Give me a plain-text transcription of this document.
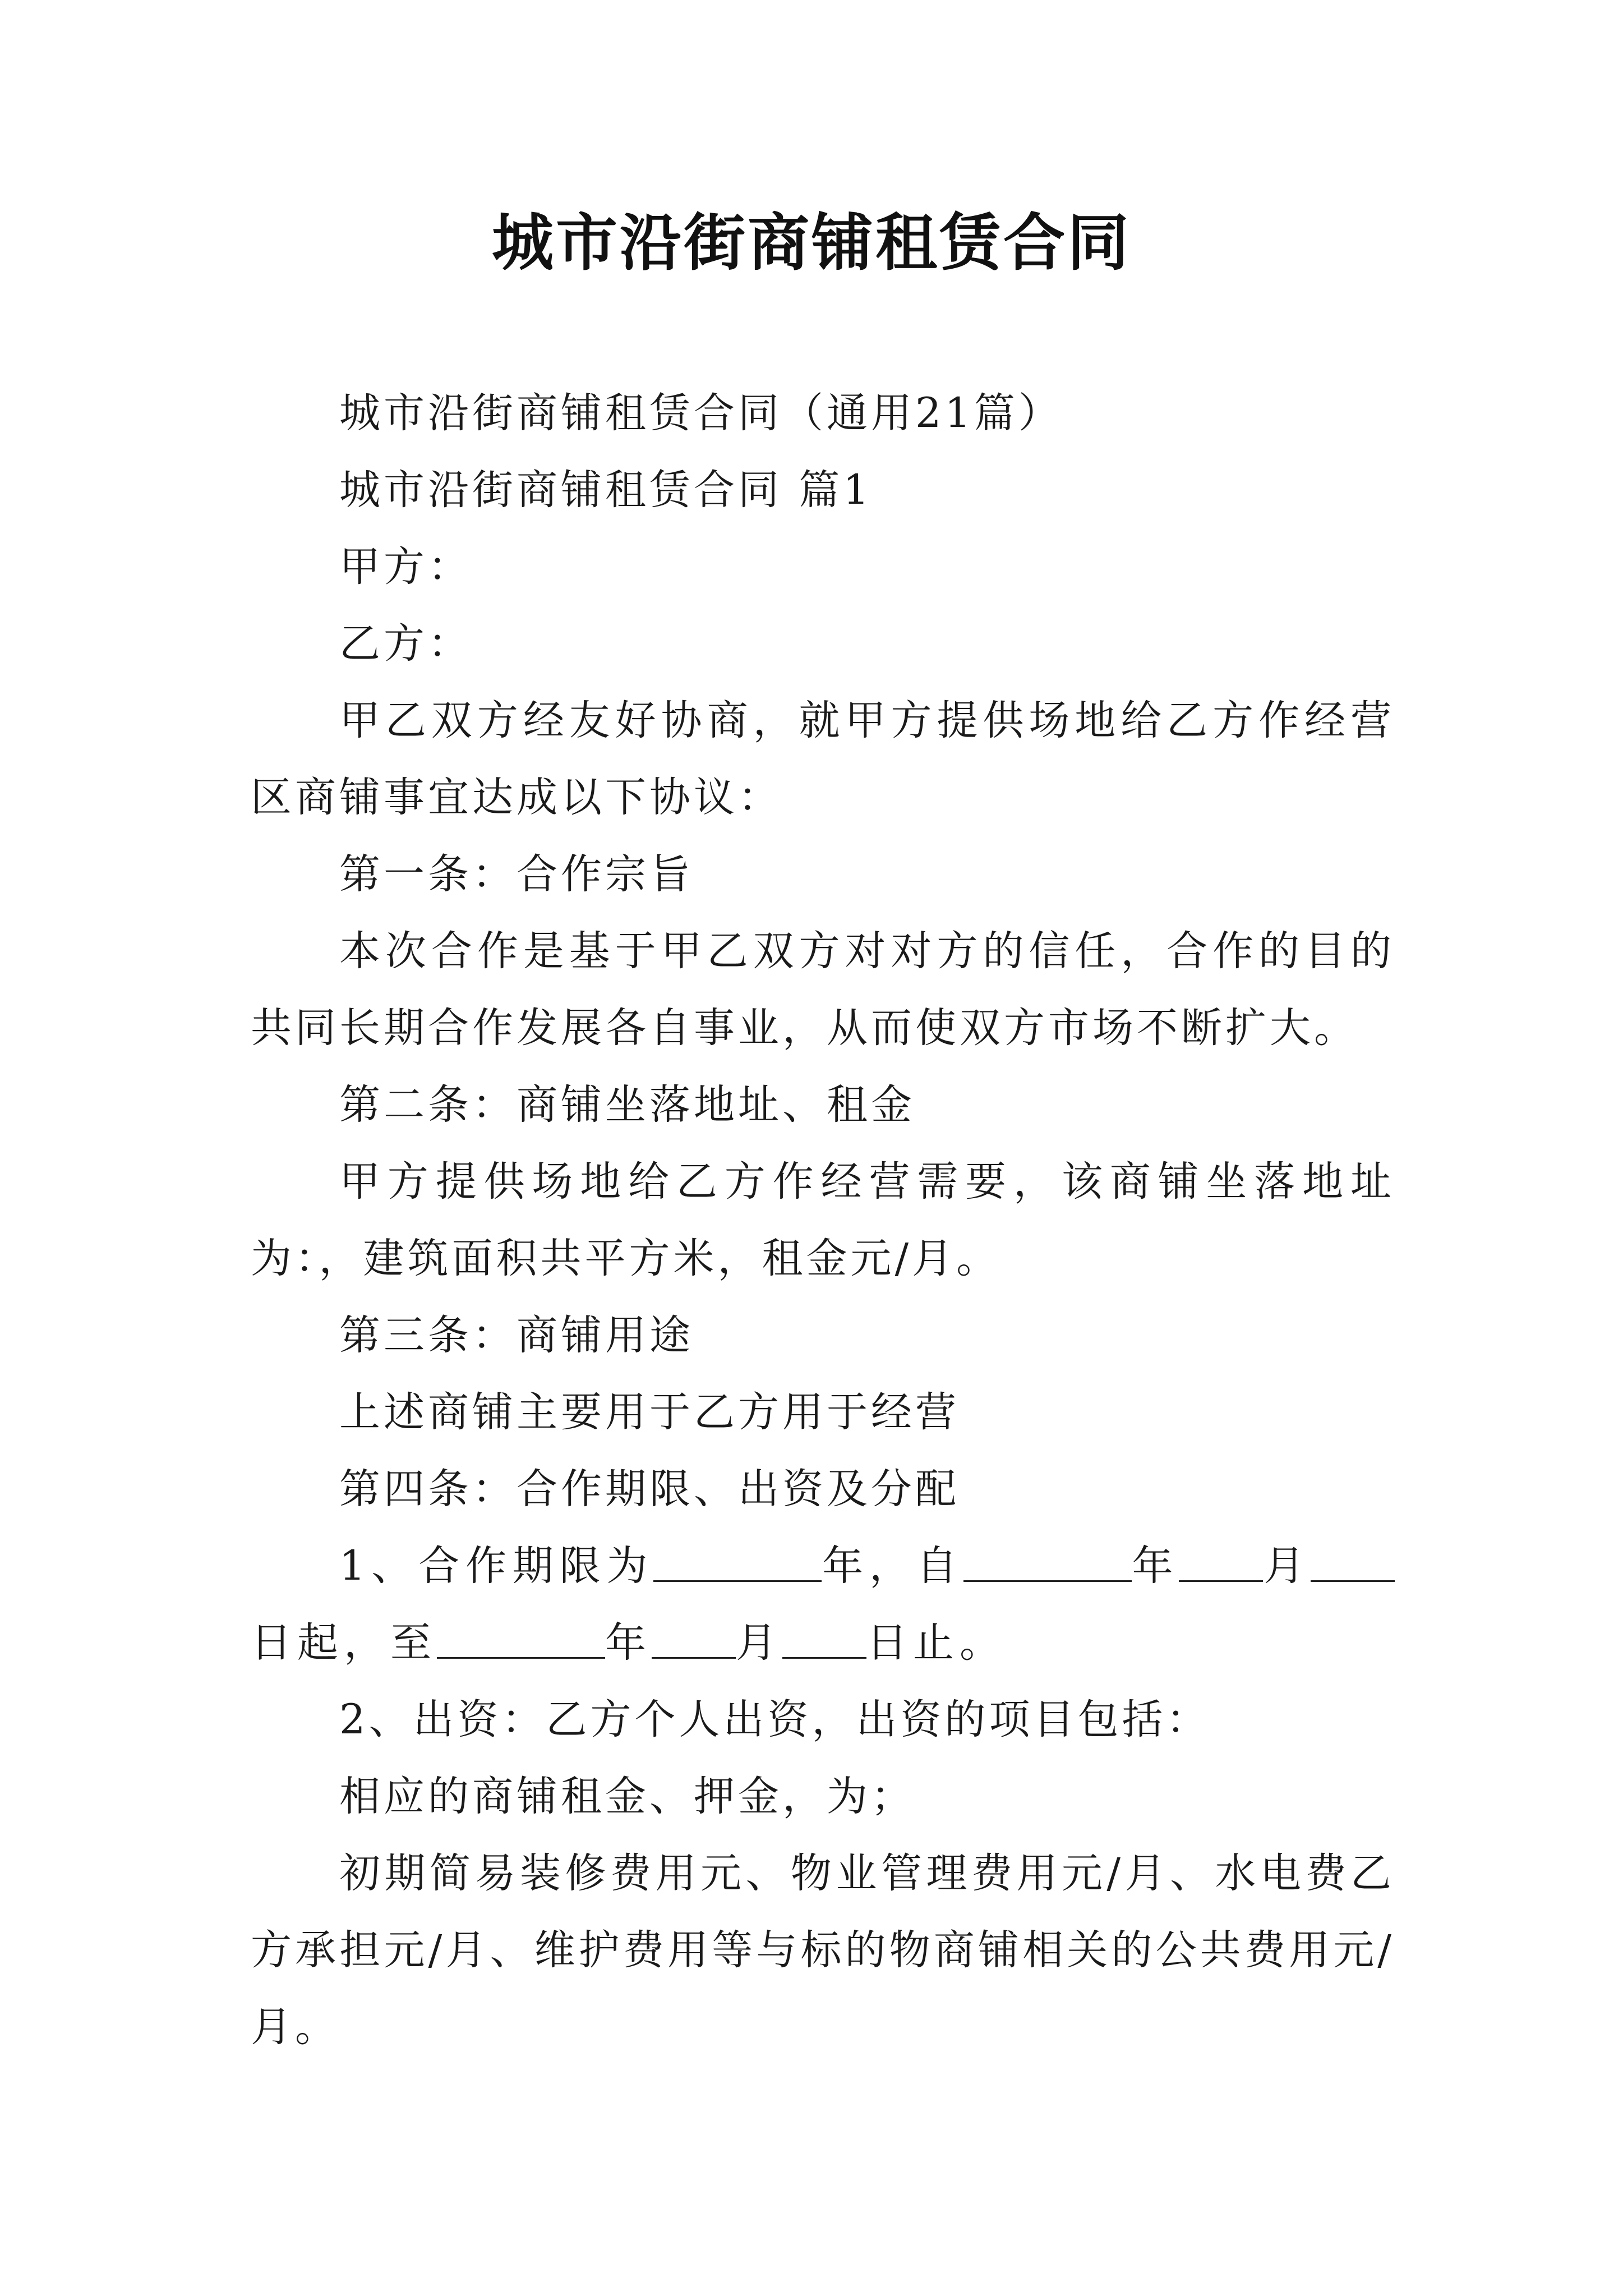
城市沿街商铺租赁合同

城市沿街商铺租赁合同（通用21篇）

城市沿街商铺租赁合同 篇1

甲方：

乙方：

甲乙双方经友好协商，就甲方提供场地给乙方作经营区商铺事宜达成以下协议：

第一条：合作宗旨

本次合作是基于甲乙双方对对方的信任，合作的目的共同长期合作发展各自事业，从而使双方市场不断扩大。

第二条：商铺坐落地址、租金

甲方提供场地给乙方作经营需要，该商铺坐落地址为：，建筑面积共平方米，租金元/月。

第三条：商铺用途

上述商铺主要用于乙方用于经营

第四条：合作期限、出资及分配

1、合作期限为	年，自	年 月日起，至	年 月 日止。

2、出资：乙方个人出资，出资的项目包括：

相应的商铺租金、押金，为；

初期简易装修费用元、物业管理费用元/月、水电费乙方承担元/月、维护费用等与标的物商铺相关的公共费用元/月。
